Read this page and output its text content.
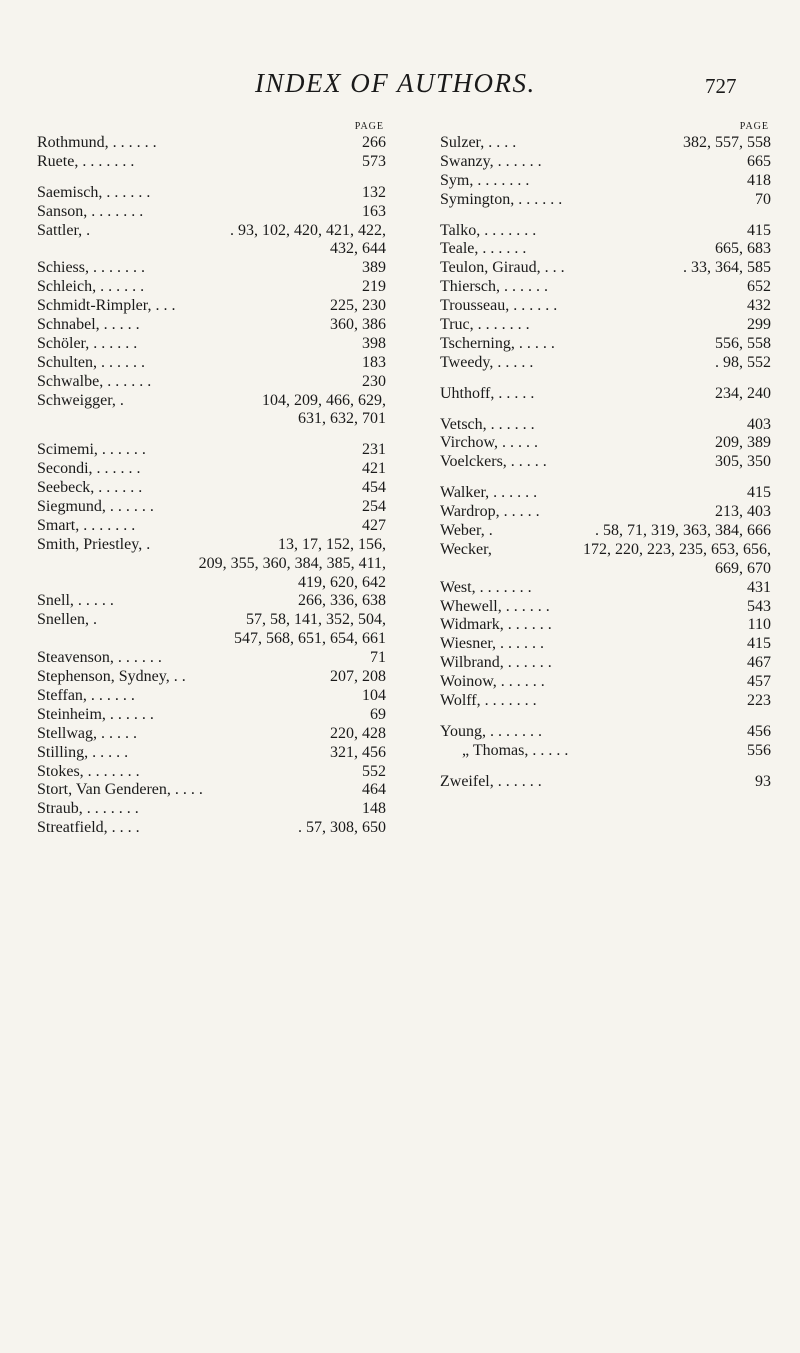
INDEX OF AUTHORS.	727
PAGE
Rothmund, . . . . . .	266
Ruete, . . . . . . .	573
Saemisch, . . . . . .	132
Sanson, . . . . . . .	163
Sattler, .	. 93, 102, 420, 421, 422,
432, 644
Schiess, . . . . . . .	389
Schleich, . . . . . .	219
Schmidt-Rimpler, . . .	225, 230
Schnabel, . . . . .	360, 386
Schöler, . . . . . .	398
Schulten, . . . . . .	183
Schwalbe, . . . . . .	230
Schweigger, .	104, 209, 466, 629,
631, 632, 701
Scimemi, . . . . . .	231
Secondi, . . . . . .	421
Seebeck, . . . . . .	454
Siegmund, . . . . . .	254
Smart, . . . . . . .	427
Smith, Priestley, .	13, 17, 152, 156,
209, 355, 360, 384, 385, 411,
419, 620, 642
Snell, . . . . .	266, 336, 638
Snellen, .	57, 58, 141, 352, 504,
547, 568, 651, 654, 661
Steavenson, . . . . . .	71
Stephenson, Sydney, . .	207, 208
Steffan, . . . . . .	104
Steinheim, . . . . . .	69
Stellwag, . . . . .	220, 428
Stilling, . . . . .	321, 456
Stokes, . . . . . . .	552
Stort, Van Genderen, . . . .	464
Straub, . . . . . . .	148
Streatfield, . . . .	. 57, 308, 650
PAGE
Sulzer, . . . .	382, 557, 558
Swanzy, . . . . . .	665
Sym, . . . . . . .	418
Symington, . . . . . .	70
Talko, . . . . . . .	415
Teale, . . . . . .	665, 683
Teulon, Giraud, . . .	. 33, 364, 585
Thiersch, . . . . . .	652
Trousseau, . . . . . .	432
Truc, . . . . . . .	299
Tscherning, . . . . .	556, 558
Tweedy, . . . . .	. 98, 552
Uhthoff, . . . . .	234, 240
Vetsch, . . . . . .	403
Virchow, . . . . .	209, 389
Voelckers, . . . . .	305, 350
Walker, . . . . . .	415
Wardrop, . . . . .	213, 403
Weber, .	. 58, 71, 319, 363, 384, 666
Wecker,	172, 220, 223, 235, 653, 656,
669, 670
West, . . . . . . .	431
Whewell, . . . . . .	543
Widmark, . . . . . .	110
Wiesner, . . . . . .	415
Wilbrand, . . . . . .	467
Woinow, . . . . . .	457
Wolff, . . . . . . .	223
Young, . . . . . . .	456
„ Thomas, . . . . .	556
Zweifel, . . . . . .	93
